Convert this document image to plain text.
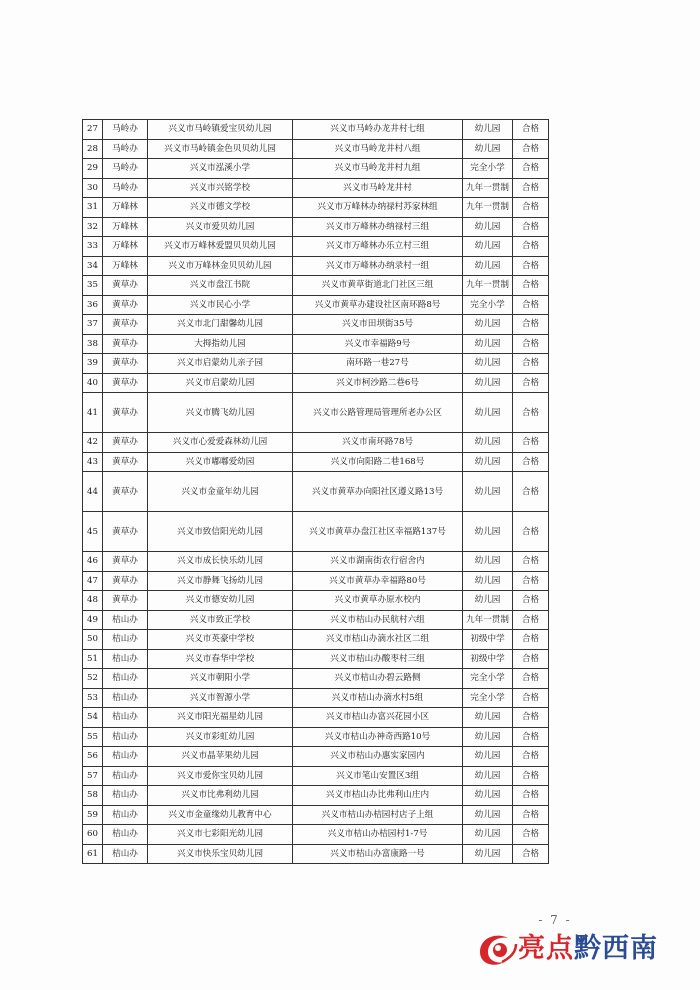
27	马岭办	兴义市马岭镇爱宝贝幼儿园	兴义市马岭办龙井村七组	幼儿园	合格
28	马岭办	兴义市马岭镇金色贝贝幼儿园	兴义市马岭龙井村八组	幼儿园	合格
29	马岭办	兴义市泓溪小学	兴义市马岭龙井村九组	完全小学	合格
30	马岭办	兴义市兴铭学校	兴义市马岭龙井村	九年一贯制	合格
31	万峰林	兴义市德文学校	兴义市万峰林办纳禄村苏家林组	九年一贯制	合格
32	万峰林	兴义市爱贝幼儿园	兴义市万峰林办纳禄村三组	幼儿园	合格
33	万峰林	兴义市万峰林爱盟贝贝幼儿园	兴义市万峰林办乐立村三组	幼儿园	合格
34	万峰林	兴义市万峰林金贝贝幼儿园	兴义市万峰林办纳录村一组	幼儿园	合格
35	黄草办	兴义市盘江书院	兴义市黄草街道北门社区三组	九年一贯制	合格
36	黄草办	兴义市民心小学	兴义市黄草办建设社区南环路8号	完全小学	合格
37	黄草办	兴义市北门甜馨幼儿园	兴义市田坝街35号	幼儿园	合格
38	黄草办	大拇指幼儿园	兴义市幸福路9号	幼儿园	合格
39	黄草办	兴义市启蒙幼儿亲子园	南环路一巷27号	幼儿园	合格
40	黄草办	兴义市启蒙幼儿园	兴义市柯沙路二巷6号	幼儿园	合格
41	黄草办	兴义市腾飞幼儿园	兴义市公路管理局管理所老办公区	幼儿园	合格
42	黄草办	兴义市心爱爱森林幼儿园	兴义市南环路78号	幼儿园	合格
43	黄草办	兴义市嘟嘟爱幼园	兴义市向阳路二巷168号	幼儿园	合格
44	黄草办	兴义市金童年幼儿园	兴义市黄草办向阳社区遵义路13号	幼儿园	合格
45	黄草办	兴义市致信阳光幼儿园	兴义市黄草办盘江社区幸福路137号	幼儿园	合格
46	黄草办	兴义市成长快乐幼儿园	兴义市湖南街农行宿舍内	幼儿园	合格
47	黄草办	兴义市静舞飞扬幼儿园	兴义市黄草办幸福路80号	幼儿园	合格
48	黄草办	兴义市德安幼儿园	兴义市黄草办原水校内	幼儿园	合格
49	桔山办	兴义市致正学校	兴义市桔山办民航村六组	九年一贯制	合格
50	桔山办	兴义市英豪中学校	兴义市桔山办滴水社区二组	初级中学	合格
51	桔山办	兴义市春华中学校	兴义市桔山办酸枣村三组	初级中学	合格
52	桔山办	兴义市朝阳小学	兴义市桔山办碧云路侧	完全小学	合格
53	桔山办	兴义市智源小学	兴义市桔山办滴水村5组	完全小学	合格
54	桔山办	兴义市阳光福星幼儿园	兴义市桔山办富兴花园小区	幼儿园	合格
55	桔山办	兴义市彩虹幼儿园	兴义市桔山办神奇西路10号	幼儿园	合格
56	桔山办	兴义市晶苹果幼儿园	兴义市桔山办惠实家园内	幼儿园	合格
57	桔山办	兴义市爱你宝贝幼儿园	兴义市笔山安置区3组	幼儿园	合格
58	桔山办	兴义市比弗利幼儿园	兴义市桔山办比弗利山庄内	幼儿园	合格
59	桔山办	兴义市金童缘幼儿教育中心	兴义市桔山办桔园村店子上组	幼儿园	合格
60	桔山办	兴义市七彩阳光幼儿园	兴义市桔山办桔园村1-7号	幼儿园	合格
61	桔山办	兴义市快乐宝贝幼儿园	兴义市桔山办富康路一号	幼儿园	合格
- 7 -
亮点黔西南
